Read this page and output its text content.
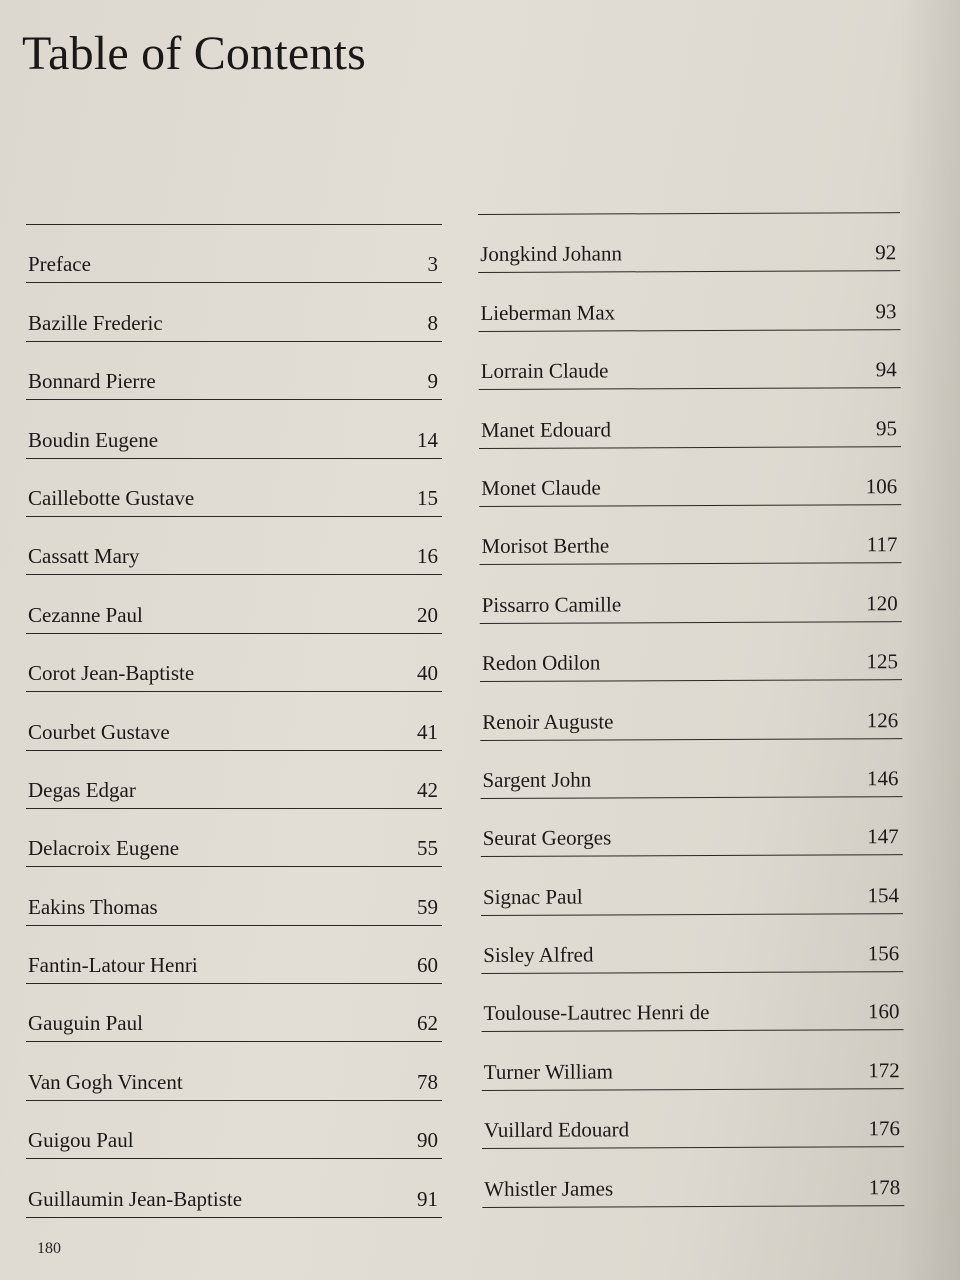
Table of Contents
Preface	3
Bazille Frederic	8
Bonnard Pierre	9
Boudin Eugene	14
Caillebotte Gustave	15
Cassatt Mary	16
Cezanne Paul	20
Corot Jean-Baptiste	40
Courbet Gustave	41
Degas Edgar	42
Delacroix Eugene	55
Eakins Thomas	59
Fantin-Latour Henri	60
Gauguin Paul	62
Van Gogh Vincent	78
Guigou Paul	90
Guillaumin Jean-Baptiste	91
Jongkind Johann	92
Lieberman Max	93
Lorrain Claude	94
Manet Edouard	95
Monet Claude	106
Morisot Berthe	117
Pissarro Camille	120
Redon Odilon	125
Renoir Auguste	126
Sargent John	146
Seurat Georges	147
Signac Paul	154
Sisley Alfred	156
Toulouse-Lautrec Henri de	160
Turner William	172
Vuillard Edouard	176
Whistler James	178
180
